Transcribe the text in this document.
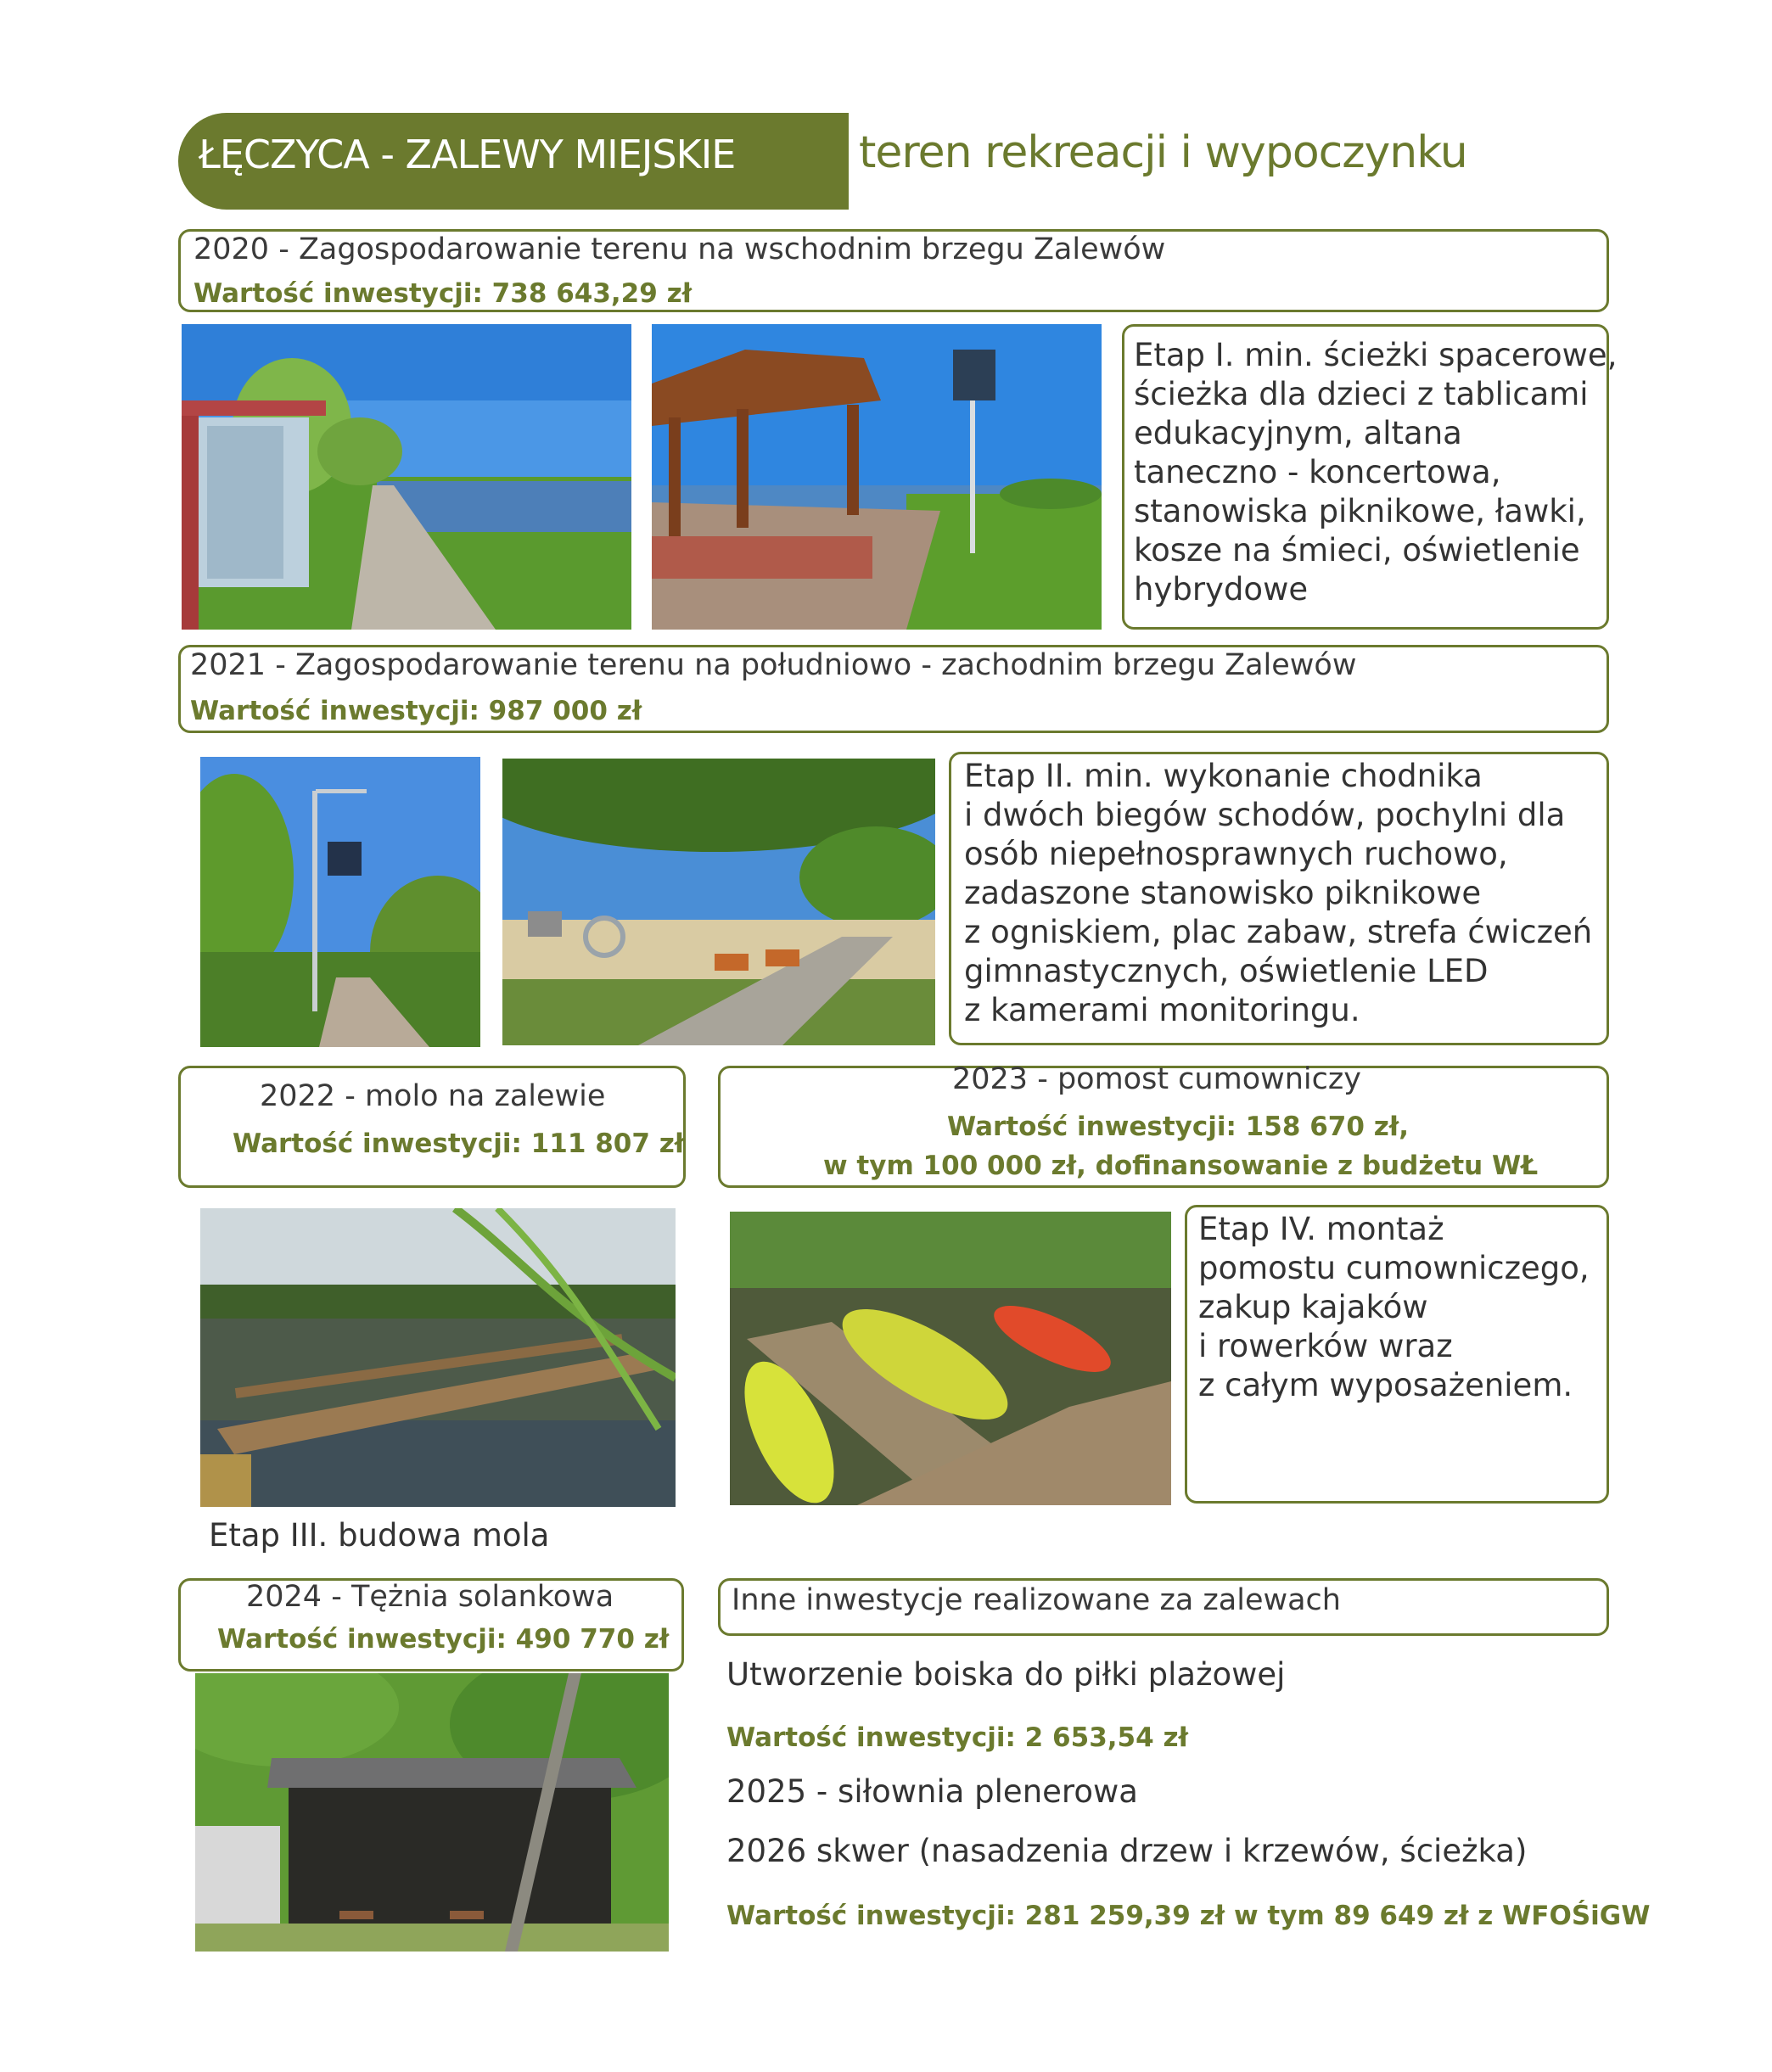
ŁĘCZYCA - ZALEWY MIEJSKIE	teren rekreacji i wypoczynku
2020 - Zagospodarowanie terenu na wschodnim brzegu Zalewów
Wartość inwestycji: 738 643,29 zł
Etap I. min. ścieżki spacerowe,
ścieżka dla dzieci z tablicami
edukacyjnym, altana
taneczno - koncertowa,
stanowiska piknikowe, ławki,
kosze na śmieci, oświetlenie
hybrydowe
2021 - Zagospodarowanie terenu na południowo - zachodnim brzegu Zalewów
Wartość inwestycji: 987 000 zł
Etap II. min. wykonanie chodnika
i dwóch biegów schodów, pochylni dla
osób niepełnosprawnych ruchowo,
zadaszone stanowisko piknikowe
z ogniskiem, plac zabaw, strefa ćwiczeń
gimnastycznych, oświetlenie LED
z kamerami monitoringu.
2022 - molo na zalewie
Wartość inwestycji: 111 807 zł
2023 - pomost cumowniczy
Wartość inwestycji: 158 670 zł,
w tym 100 000 zł, dofinansowanie z budżetu WŁ
Etap III. budowa mola
Etap IV. montaż
pomostu cumowniczego,
zakup kajaków
i rowerków wraz
z całym wyposażeniem.
2024 - Tężnia solankowa
Wartość inwestycji: 490 770 zł
Inne inwestycje realizowane za zalewach
Utworzenie boiska do piłki plażowej
Wartość inwestycji: 2 653,54 zł
2025 - siłownia plenerowa
2026 skwer (nasadzenia drzew i krzewów, ścieżka)
Wartość inwestycji: 281 259,39 zł w tym 89 649 zł z WFOŚiGW
